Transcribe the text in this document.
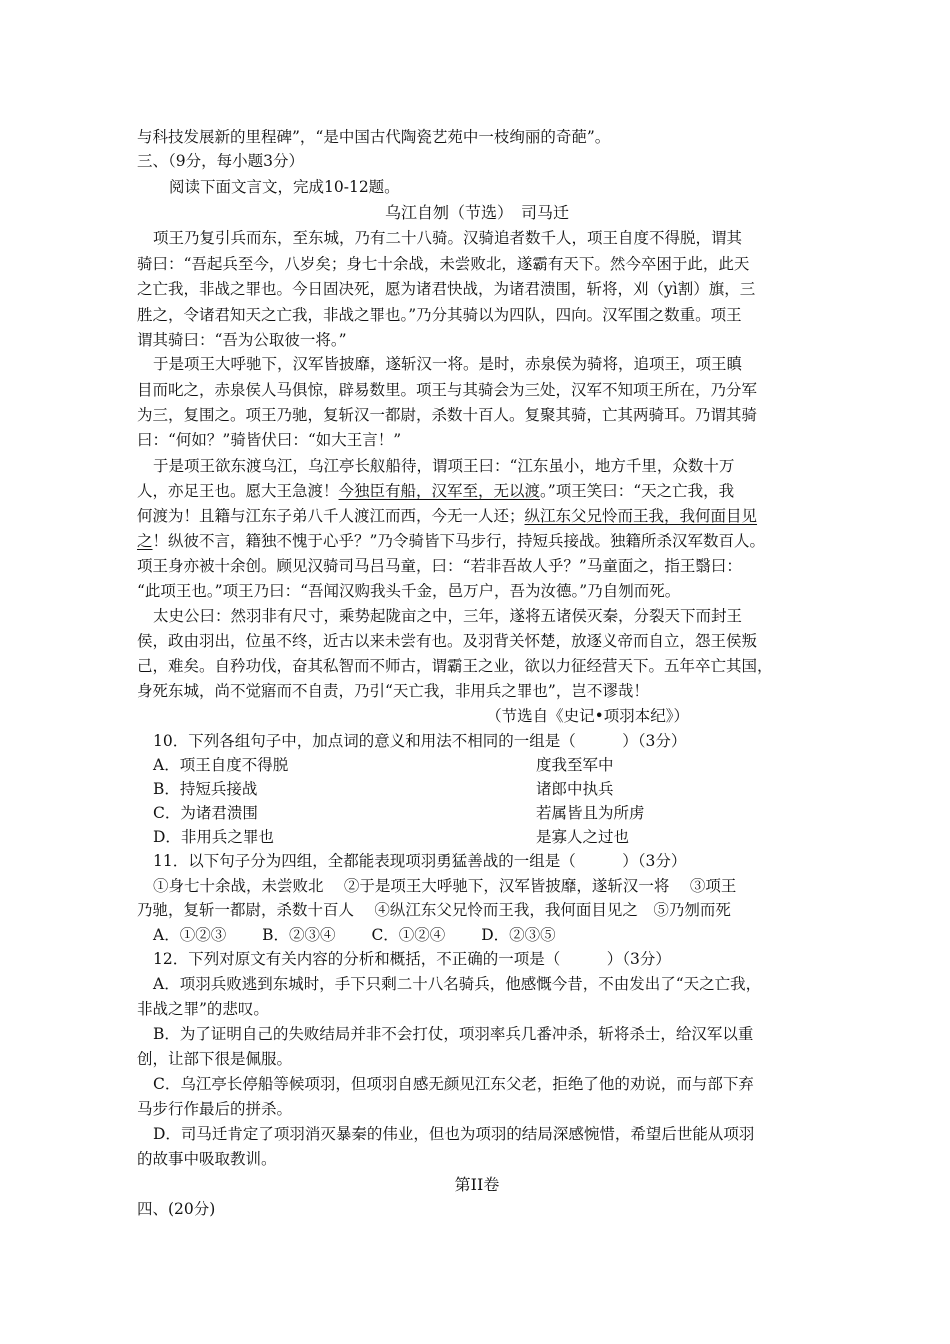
与科技发展新的里程碑”，“是中国古代陶瓷艺苑中一枝绚丽的奇葩”。
三、（9分，每小题3分）
阅读下面文言文，完成10-12题。
乌江自刎（节选）　司马迁
项王乃复引兵而东，至东城，乃有二十八骑。汉骑追者数千人，项王自度不得脱，谓其
骑曰：“吾起兵至今，八岁矣；身七十余战，未尝败北，遂霸有天下。然今卒困于此，此天
之亡我，非战之罪也。今日固决死，愿为诸君快战，为诸君溃围，斩将，刈（yì割）旗，三
胜之，令诸君知天之亡我，非战之罪也。”乃分其骑以为四队，四向。汉军围之数重。项王
谓其骑曰：“吾为公取彼一将。”
于是项王大呼驰下，汉军皆披靡，遂斩汉一将。是时，赤泉侯为骑将，追项王，项王瞋
目而叱之，赤泉侯人马俱惊，辟易数里。项王与其骑会为三处，汉军不知项王所在，乃分军
为三，复围之。项王乃驰，复斩汉一都尉，杀数十百人。复聚其骑，亡其两骑耳。乃谓其骑
曰：“何如？”骑皆伏曰：“如大王言！”
于是项王欲东渡乌江，乌江亭长舣船待，谓项王曰：“江东虽小，地方千里，众数十万
人，亦足王也。愿大王急渡！今独臣有船，汉军至，无以渡。”项王笑曰：“天之亡我，我
何渡为！且籍与江东子弟八千人渡江而西，今无一人还；纵江东父兄怜而王我，我何面目见
之！纵彼不言，籍独不愧于心乎？”乃令骑皆下马步行，持短兵接战。独籍所杀汉军数百人。
项王身亦被十余创。顾见汉骑司马吕马童，曰：“若非吾故人乎？”马童面之，指王翳曰：
“此项王也。”项王乃曰：“吾闻汉购我头千金，邑万户，吾为汝德。”乃自刎而死。
太史公曰：然羽非有尺寸，乘势起陇亩之中，三年，遂将五诸侯灭秦，分裂天下而封王
侯，政由羽出，位虽不终，近古以来未尝有也。及羽背关怀楚，放逐义帝而自立，怨王侯叛
己，难矣。自矜功伐，奋其私智而不师古，谓霸王之业，欲以力征经营天下。五年卒亡其国，
身死东城，尚不觉寤而不自责，乃引“天亡我，非用兵之罪也”，岂不谬哉！
（节选自《史记•项羽本纪》）
10．下列各组句子中，加点词的意义和用法不相同的一组是（　　　）（3分）
A．项王自度不得脱	度我至军中
B．持短兵接战	诸郎中执兵
C．为诸君溃围	若属皆且为所虏
D．非用兵之罪也	是寡人之过也
11．以下句子分为四组，全都能表现项羽勇猛善战的一组是（　　　）（3分）
①身七十余战，未尝败北　 ②于是项王大呼驰下，汉军皆披靡，遂斩汉一将　 ③项王
乃驰，复斩一都尉，杀数十百人　 ④纵江东父兄怜而王我，我何面目见之　⑤乃刎而死
A．①②③　　 B．②③④　　 C．①②④　　 D．②③⑤
12．下列对原文有关内容的分析和概括，不正确的一项是（　　　）（3分）
A．项羽兵败逃到东城时，手下只剩二十八名骑兵，他感慨今昔，不由发出了“天之亡我，
非战之罪”的悲叹。
B．为了证明自己的失败结局并非不会打仗，项羽率兵几番冲杀，斩将杀士，给汉军以重
创，让部下很是佩服。
C．乌江亭长停船等候项羽，但项羽自感无颜见江东父老，拒绝了他的劝说，而与部下弃
马步行作最后的拼杀。
D．司马迁肯定了项羽消灭暴秦的伟业，但也为项羽的结局深感惋惜，希望后世能从项羽
的故事中吸取教训。
第II卷
四、(20分)
